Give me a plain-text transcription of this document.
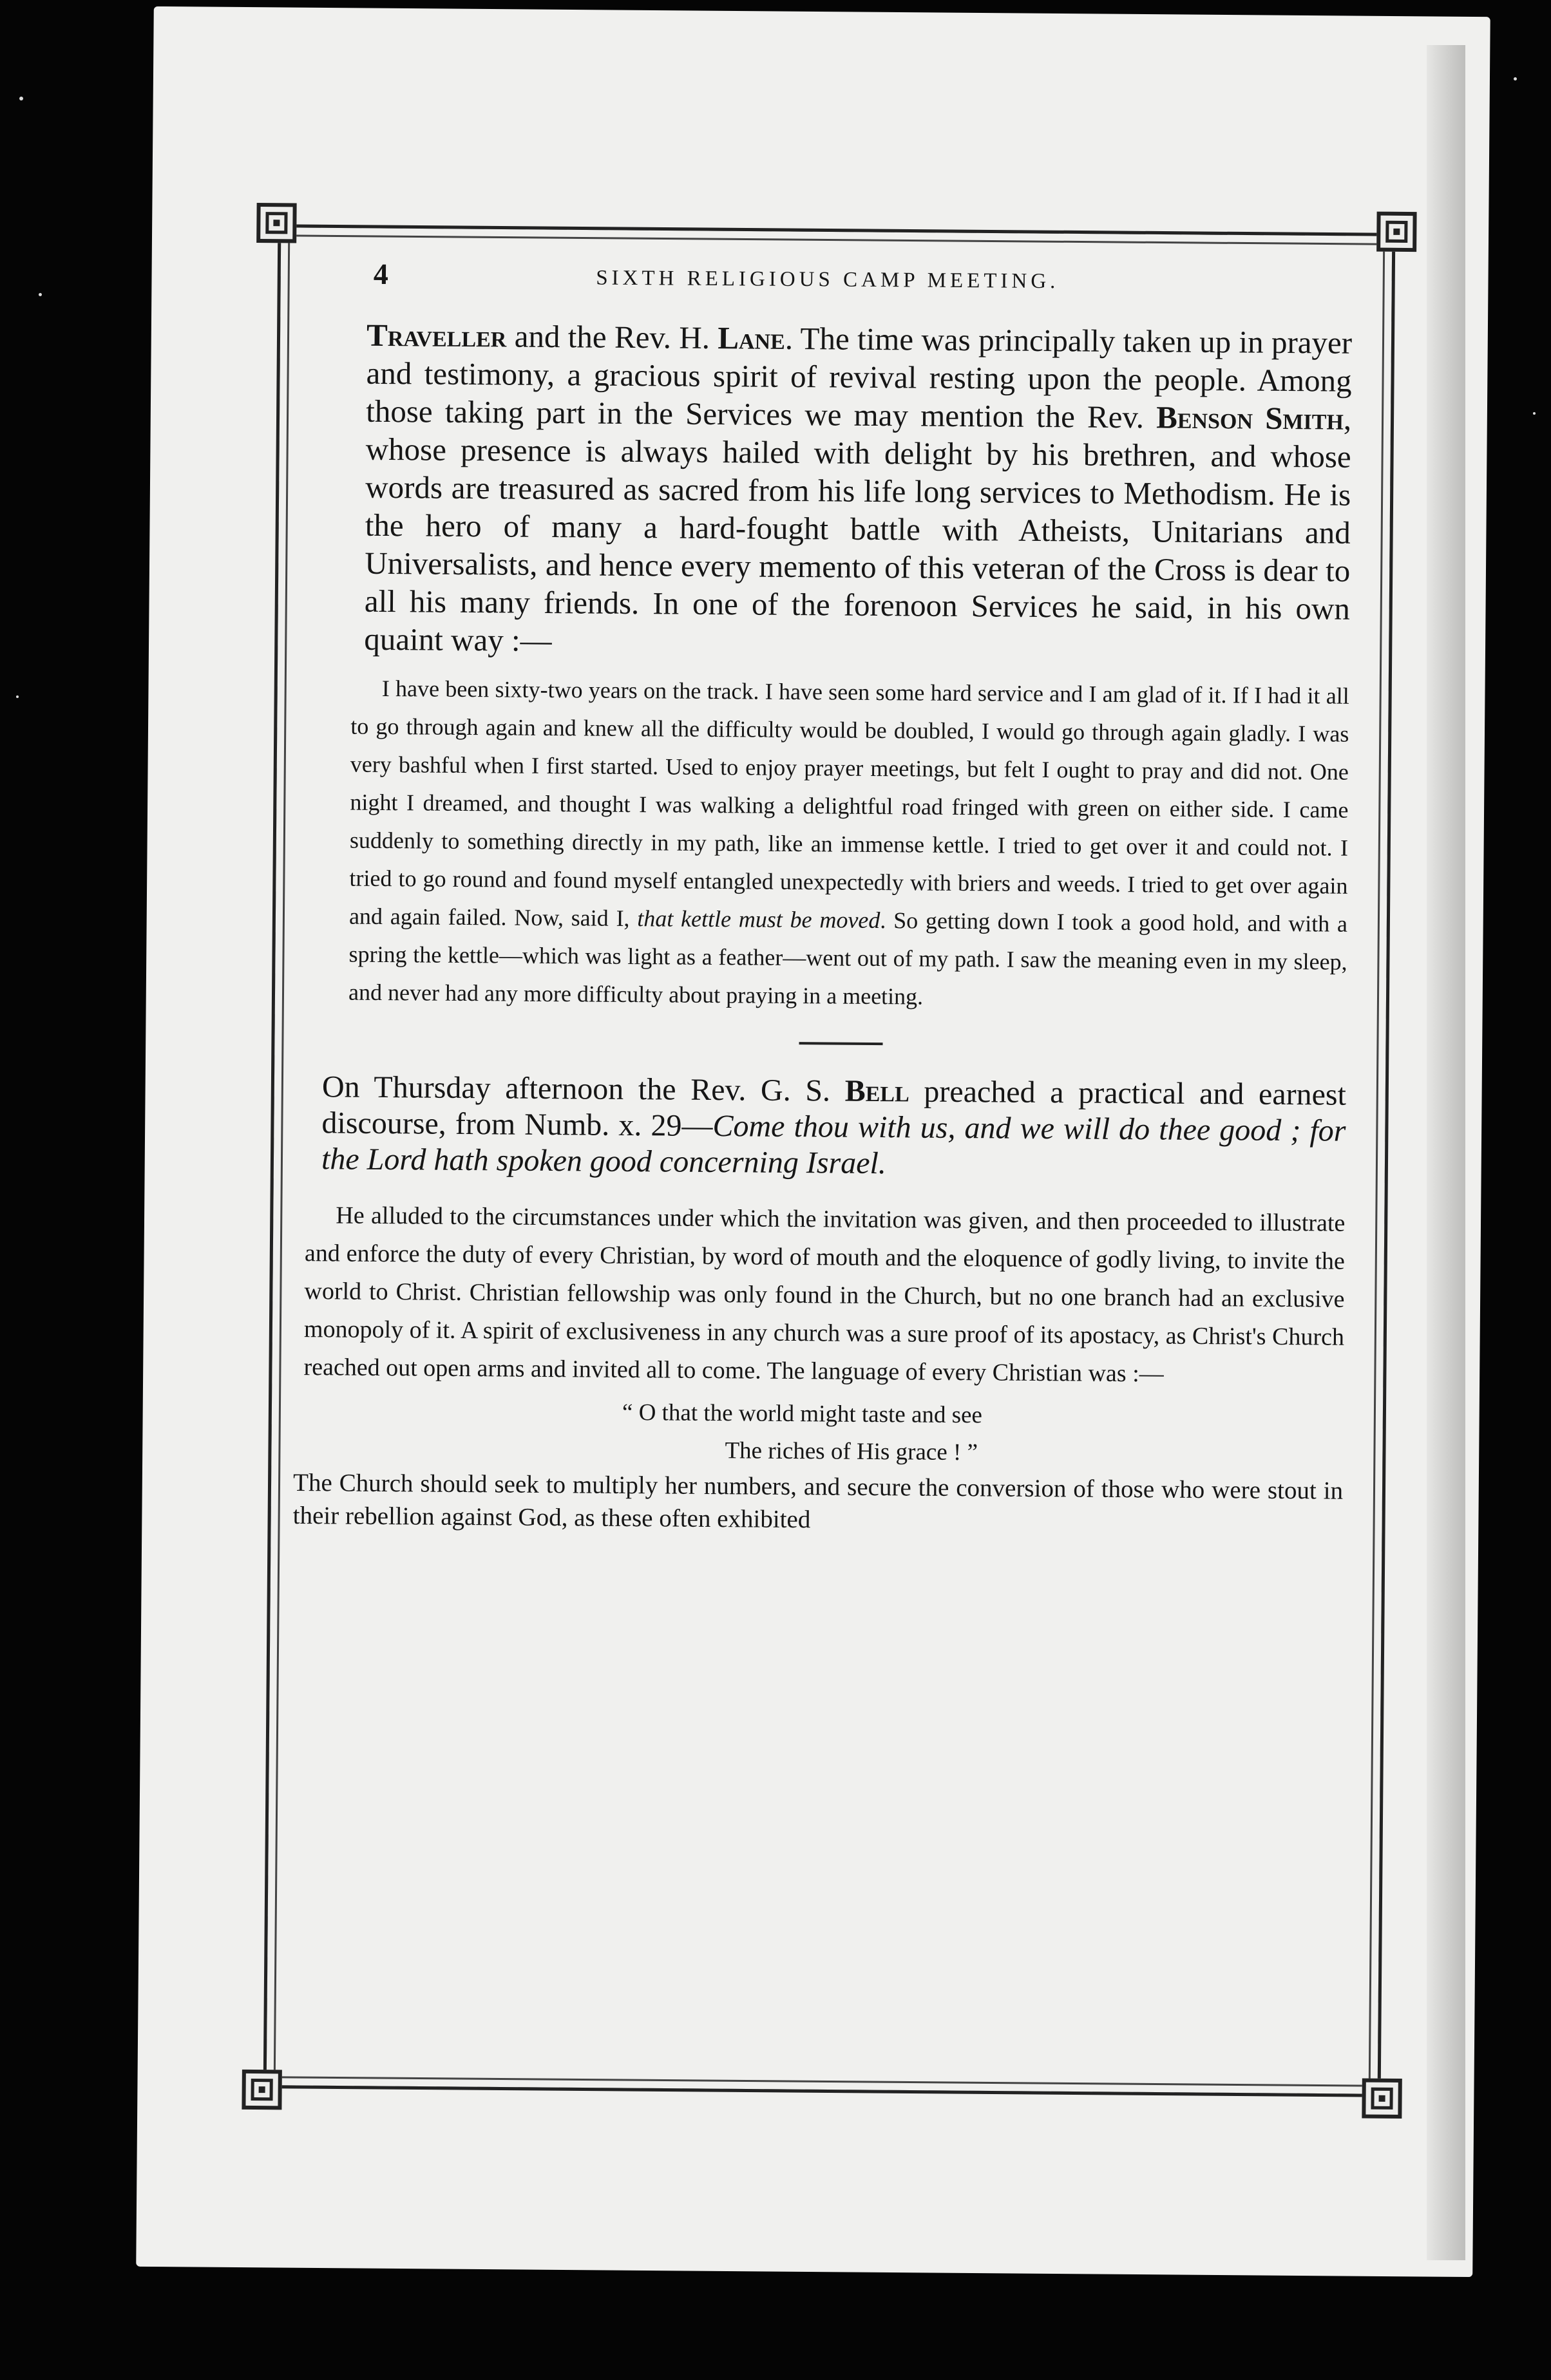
4	SIXTH RELIGIOUS CAMP MEETING.

Traveller and the Rev. H. Lane. The time was principally taken up in prayer and testimony, a gracious spirit of revival resting upon the people. Among those taking part in the Services we may mention the Rev. Benson Smith, whose presence is always hailed with delight by his brethren, and whose words are treasured as sacred from his life long services to Methodism. He is the hero of many a hard-fought battle with Atheists, Unitarians and Universalists, and hence every memento of this veteran of the Cross is dear to all his many friends. In one of the forenoon Services he said, in his own quaint way :—

I have been sixty-two years on the track. I have seen some hard service and I am glad of it. If I had it all to go through again and knew all the difficulty would be doubled, I would go through again gladly. I was very bashful when I first started. Used to enjoy prayer meetings, but felt I ought to pray and did not. One night I dreamed, and thought I was walking a delightful road fringed with green on either side. I came suddenly to something directly in my path, like an immense kettle. I tried to get over it and could not. I tried to go round and found myself entangled unexpectedly with briers and weeds. I tried to get over again and again failed. Now, said I, that kettle must be moved. So getting down I took a good hold, and with a spring the kettle—which was light as a feather—went out of my path. I saw the meaning even in my sleep, and never had any more difficulty about praying in a meeting.

On Thursday afternoon the Rev. G. S. Bell preached a practical and earnest discourse, from Numb. x. 29—Come thou with us, and we will do thee good ; for the Lord hath spoken good concerning Israel.

He alluded to the circumstances under which the invitation was given, and then proceeded to illustrate and enforce the duty of every Christian, by word of mouth and the eloquence of godly living, to invite the world to Christ. Christian fellowship was only found in the Church, but no one branch had an exclusive monopoly of it. A spirit of exclusiveness in any church was a sure proof of its apostacy, as Christ's Church reached out open arms and invited all to come. The language of every Christian was :—

“ O that the world might taste and see
The riches of His grace ! ”

The Church should seek to multiply her numbers, and secure the conversion of those who were stout in their rebellion against God, as these often exhibited
